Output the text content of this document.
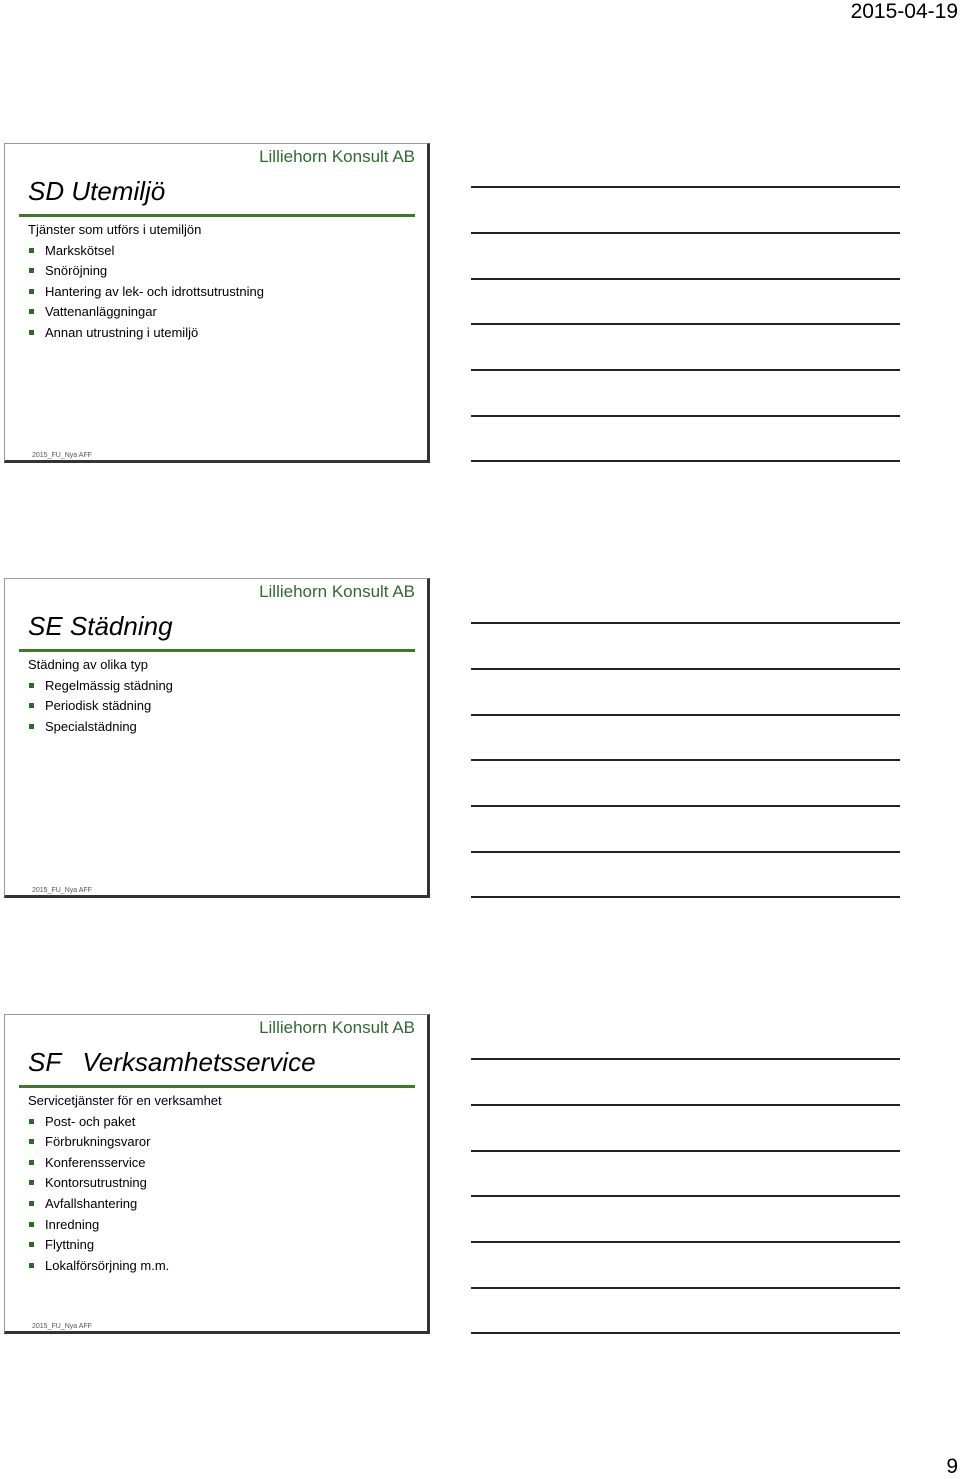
2015-04-19
Lilliehorn Konsult AB
SD Utemiljö

Tjänster som utförs i utemiljön

Markskötsel
Snöröjning
Hantering av lek- och idrottsutrustning
Vattenanläggningar
Annan utrustning i utemiljö
2015_FU_Nya AFF
Lilliehorn Konsult AB
SE Städning

Städning av olika typ

Regelmässig städning
Periodisk städning
Specialstädning
2015_FU_Nya AFF
Lilliehorn Konsult AB
SF   Verksamhetsservice

Servicetjänster för en verksamhet

Post- och paket
Förbrukningsvaror
Konferensservice
Kontorsutrustning
Avfallshantering
Inredning
Flyttning
Lokalförsörjning m.m.
2015_FU_Nya AFF
9
